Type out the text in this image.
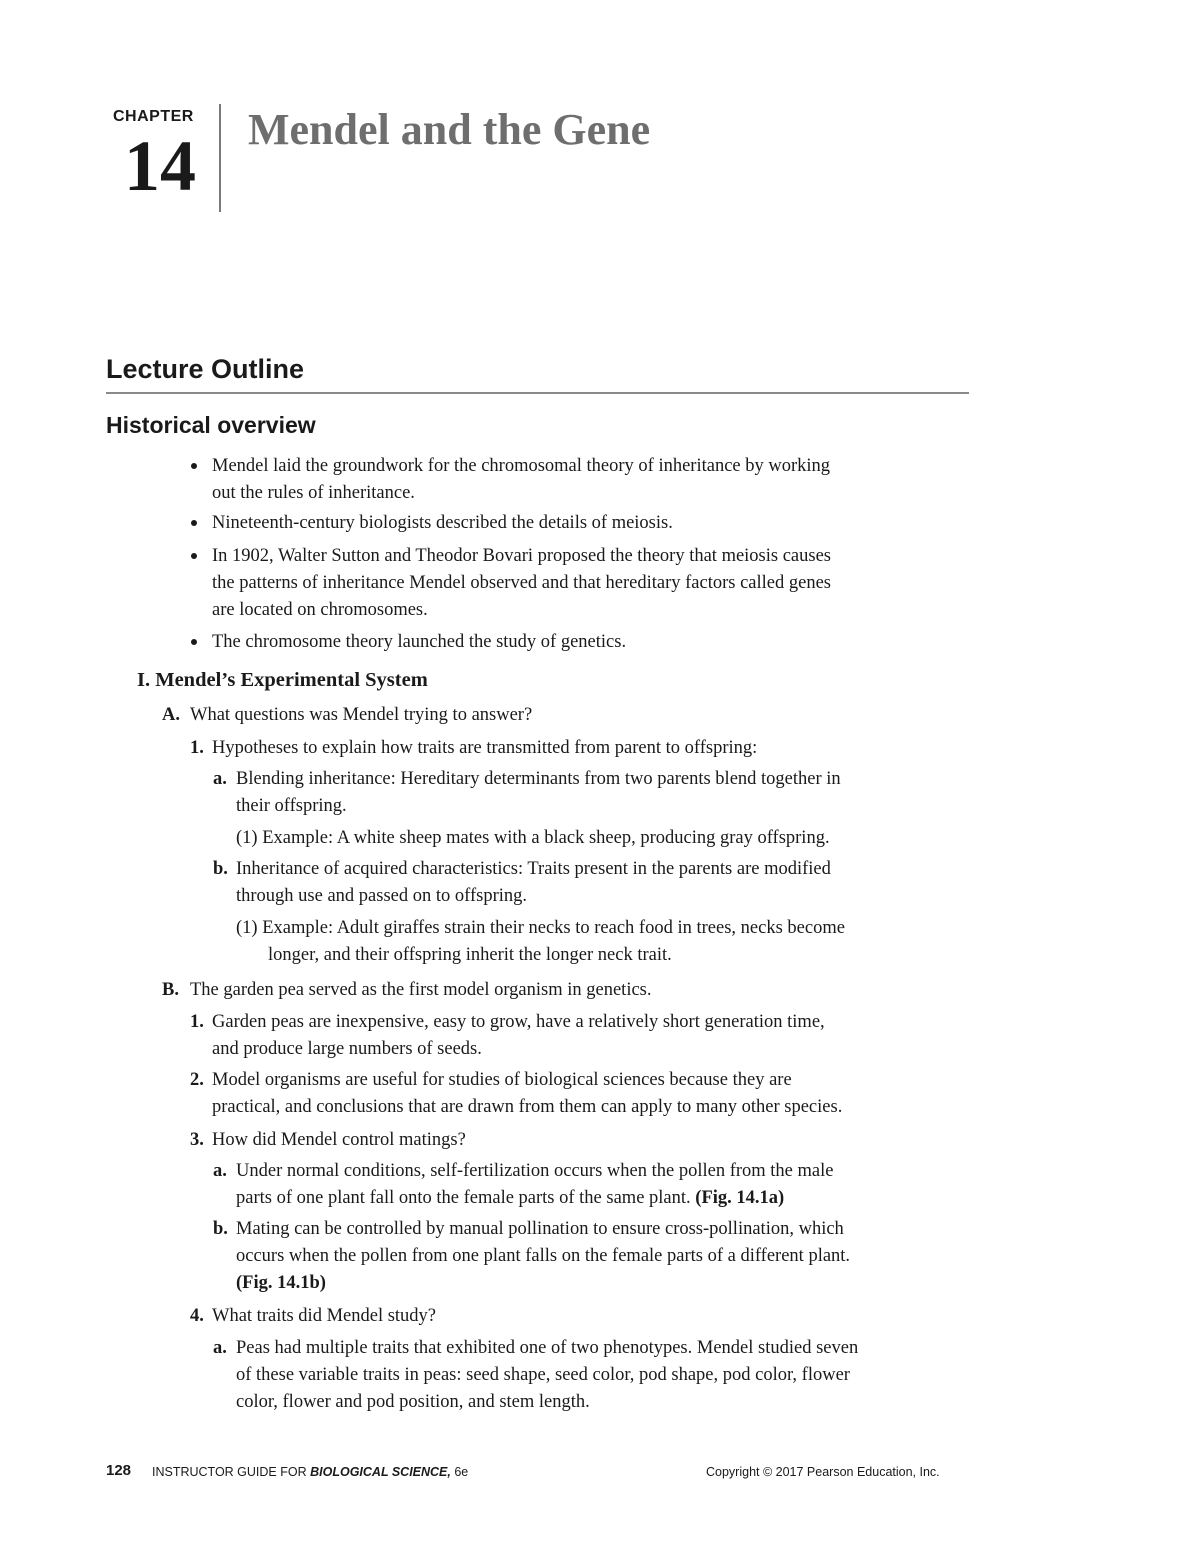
CHAPTER
14 Mendel and the Gene
Lecture Outline
Historical overview
Mendel laid the groundwork for the chromosomal theory of inheritance by working
out the rules of inheritance.
Nineteenth-century biologists described the details of meiosis.
In 1902, Walter Sutton and Theodor Bovari proposed the theory that meiosis causes
the patterns of inheritance Mendel observed and that hereditary factors called genes
are located on chromosomes.
The chromosome theory launched the study of genetics.
I. Mendel’s Experimental System
A. What questions was Mendel trying to answer?
1. Hypotheses to explain how traits are transmitted from parent to offspring:
a. Blending inheritance: Hereditary determinants from two parents blend together in
their offspring.
(1) Example: A white sheep mates with a black sheep, producing gray offspring.
b. Inheritance of acquired characteristics: Traits present in the parents are modified
through use and passed on to offspring.
(1) Example: Adult giraffes strain their necks to reach food in trees, necks become
longer, and their offspring inherit the longer neck trait.
B. The garden pea served as the first model organism in genetics.
1. Garden peas are inexpensive, easy to grow, have a relatively short generation time,
and produce large numbers of seeds.
2. Model organisms are useful for studies of biological sciences because they are
practical, and conclusions that are drawn from them can apply to many other species.
3. How did Mendel control matings?
a. Under normal conditions, self-fertilization occurs when the pollen from the male
parts of one plant fall onto the female parts of the same plant. (Fig. 14.1a)
b. Mating can be controlled by manual pollination to ensure cross-pollination, which
occurs when the pollen from one plant falls on the female parts of a different plant.
(Fig. 14.1b)
4. What traits did Mendel study?
a. Peas had multiple traits that exhibited one of two phenotypes. Mendel studied seven
of these variable traits in peas: seed shape, seed color, pod shape, pod color, flower
color, flower and pod position, and stem length.
128 INSTRUCTOR GUIDE FOR BIOLOGICAL SCIENCE, 6e	Copyright © 2017 Pearson Education, Inc.
